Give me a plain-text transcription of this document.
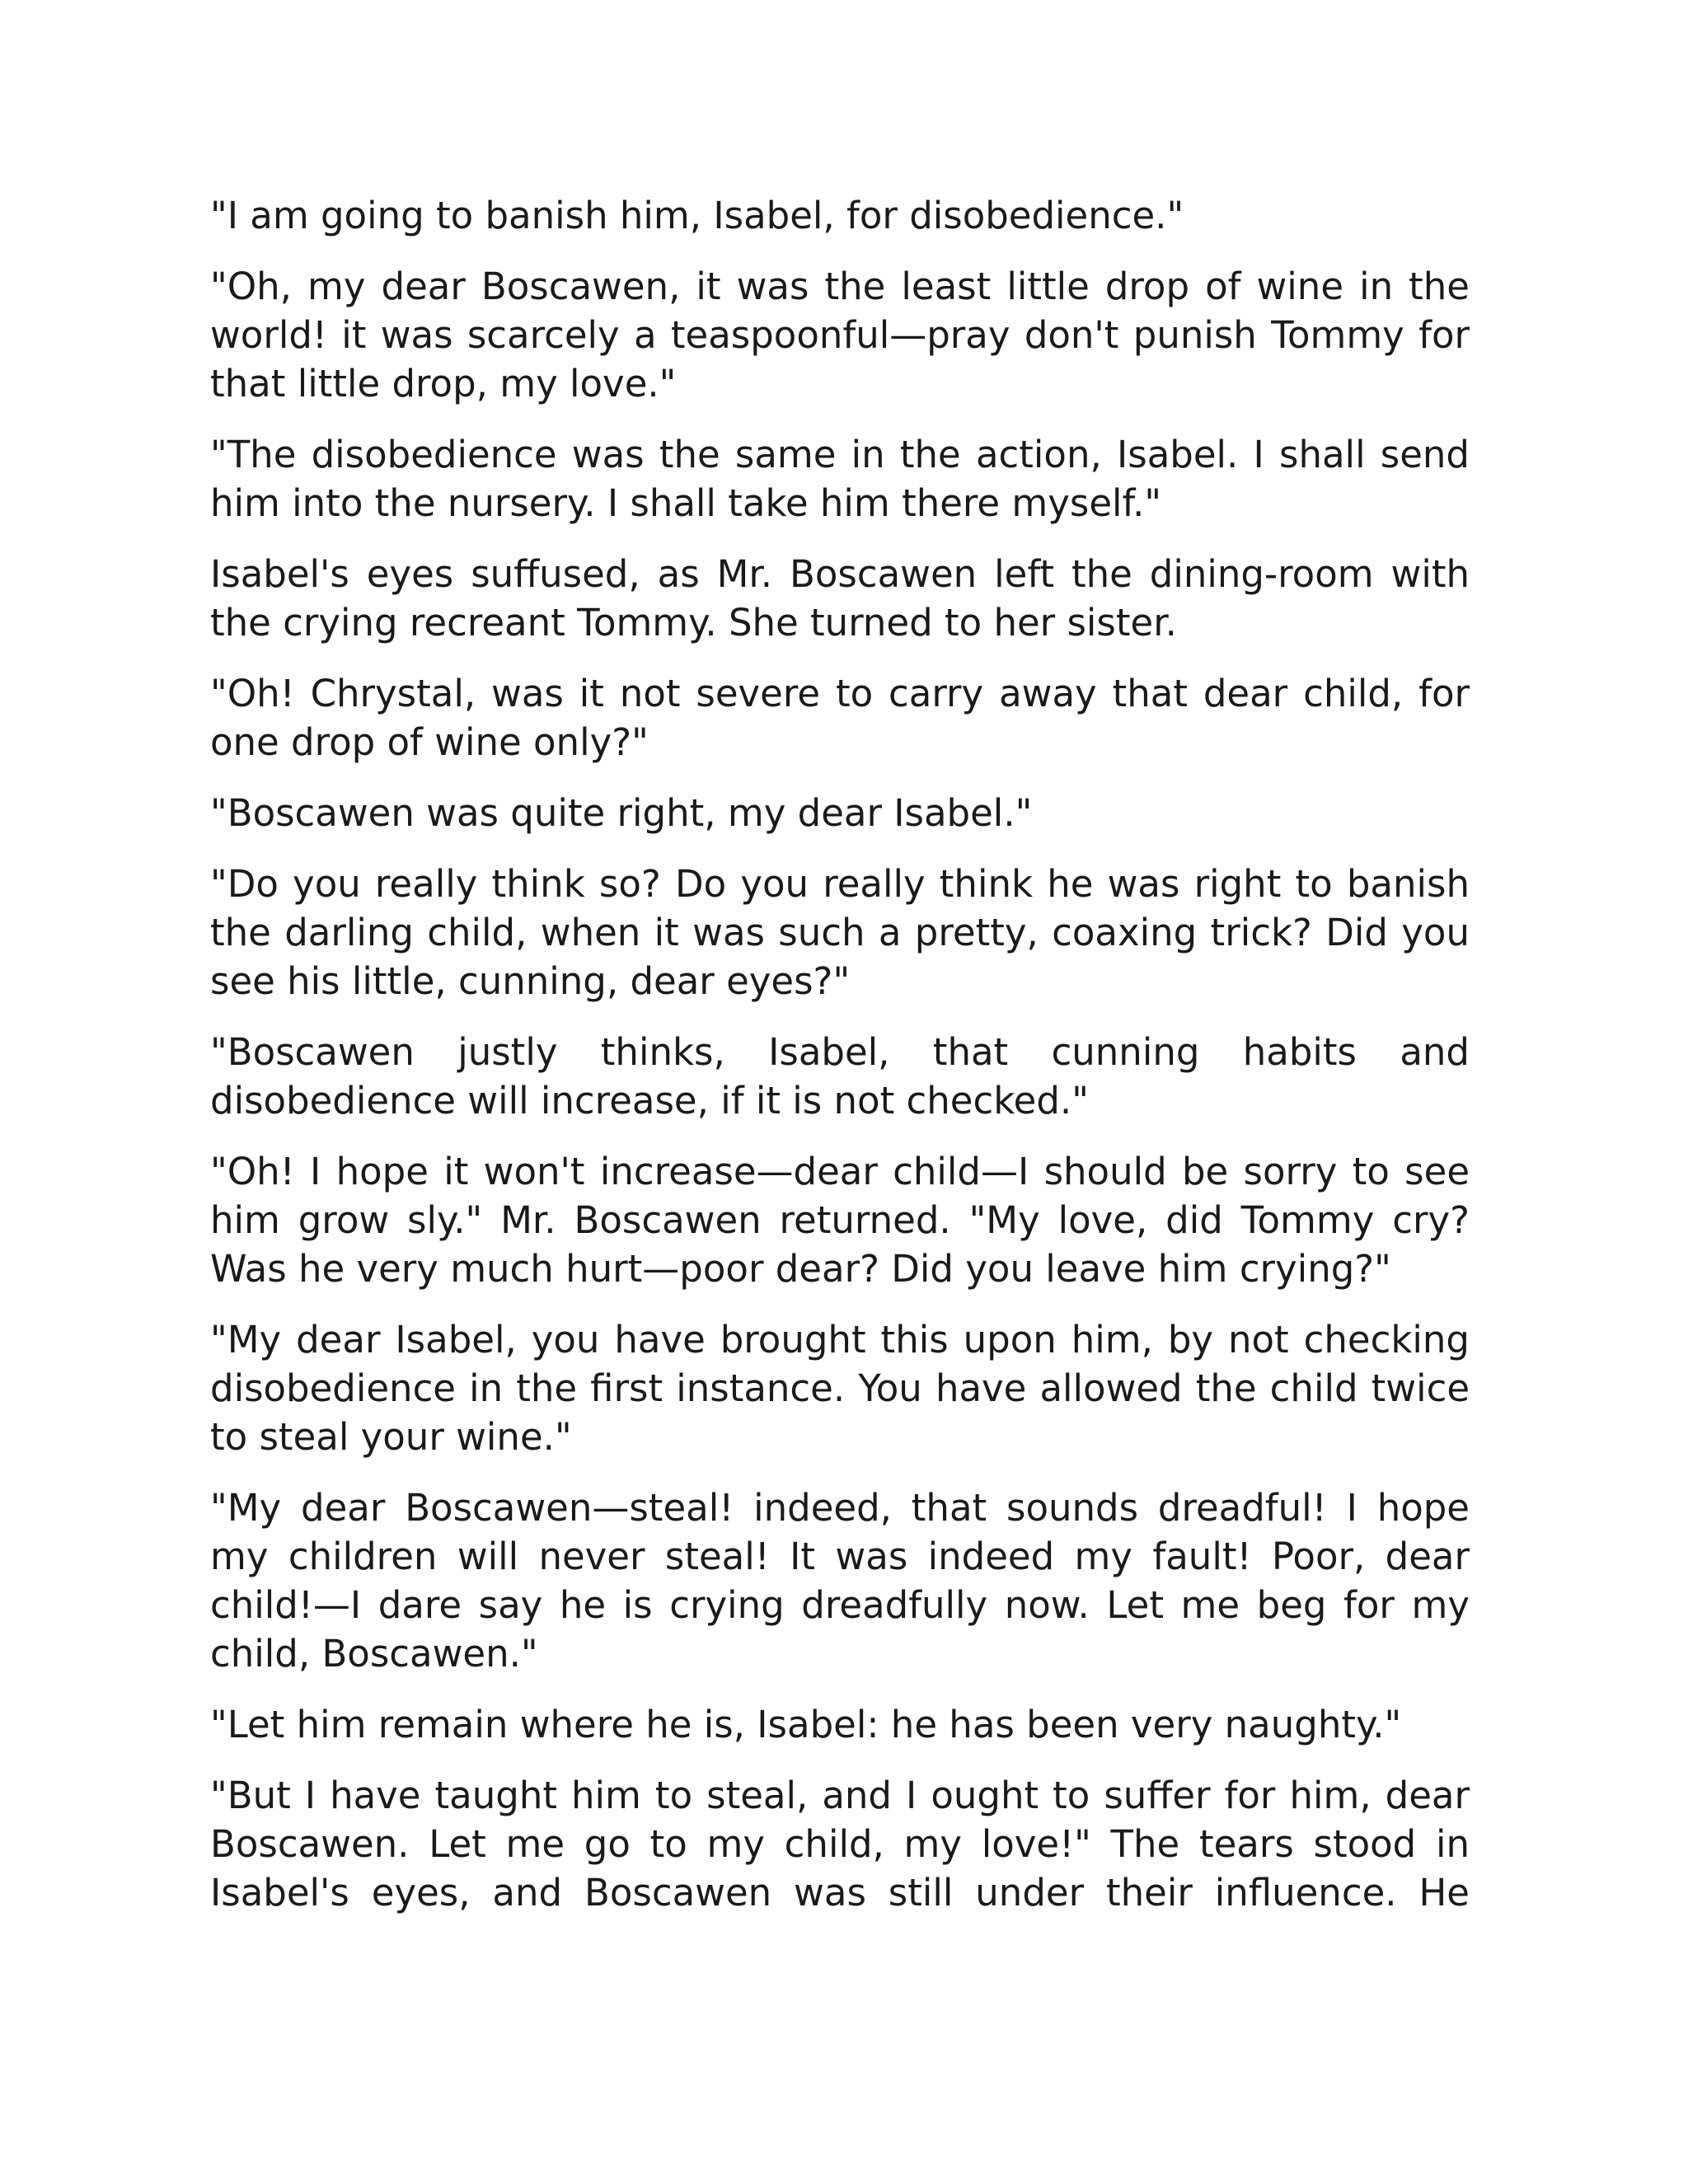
"I am going to banish him, Isabel, for disobedience."

"Oh, my dear Boscawen, it was the least little drop of wine in the world! it was scarcely a teaspoonful—pray don't punish Tommy for that little drop, my love."

"The disobedience was the same in the action, Isabel. I shall send him into the nursery. I shall take him there myself."

Isabel's eyes suffused, as Mr. Boscawen left the dining-room with the crying recreant Tommy. She turned to her sister.

"Oh! Chrystal, was it not severe to carry away that dear child, for one drop of wine only?"

"Boscawen was quite right, my dear Isabel."

"Do you really think so? Do you really think he was right to banish the darling child, when it was such a pretty, coaxing trick? Did you see his little, cunning, dear eyes?"

"Boscawen justly thinks, Isabel, that cunning habits and disobedience will increase, if it is not checked."

"Oh! I hope it won't increase—dear child—I should be sorry to see him grow sly." Mr. Boscawen returned. "My love, did Tommy cry? Was he very much hurt—poor dear? Did you leave him crying?"

"My dear Isabel, you have brought this upon him, by not checking disobedience in the first instance. You have allowed the child twice to steal your wine."

"My dear Boscawen—steal! indeed, that sounds dreadful! I hope my children will never steal! It was indeed my fault! Poor, dear child!—I dare say he is crying dreadfully now. Let me beg for my child, Boscawen."

"Let him remain where he is, Isabel: he has been very naughty."

"But I have taught him to steal, and I ought to suffer for him, dear Boscawen. Let me go to my child, my love!" The tears stood in Isabel's eyes, and Boscawen was still under their influence. He
